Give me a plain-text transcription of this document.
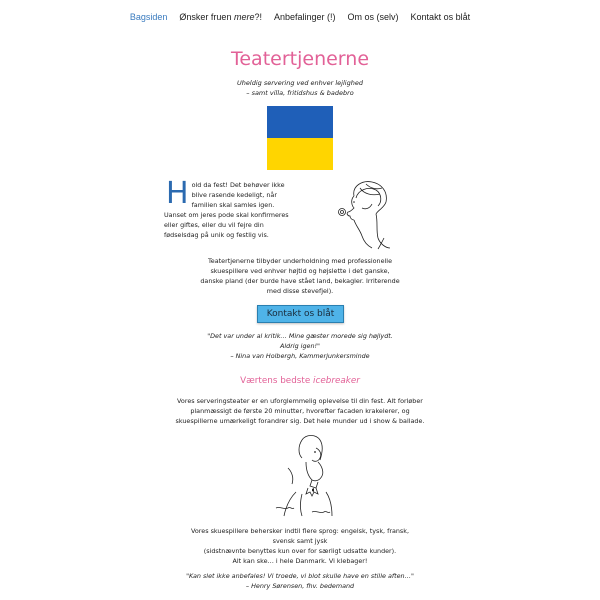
Bagsiden	Ønsker fruen mere?!	Anbefalinger (!)	Om os (selv)	Kontakt os blåt
Teatertjenerne
Uheldig servering ved enhver lejlighed
– samt villa, fritidshus & badebro
H old da fest! Det behøver ikke blive rasende kedeligt, når familien skal samles igen. Uanset om jeres pode skal konfirmeres eller giftes, eller du vil fejre din fødselsdag på unik og festlig vis.
Teatertjenerne tilbyder underholdning med professionelle skuespillere ved enhver højtid og højslette i det ganske, danske pland (der burde have stået land, bekagler. Irriterende med disse stevefjel).
Kontakt os blåt
"Det var under al kritik… Mine gæster morede sig højlydt. Aldrig igen!"
– Nina van Holbergh, Kammerjunkersminde
Værtens bedste icebreaker
Vores serveringsteater er en uforglemmelig oplevelse til din fest. Alt forløber planmæssigt de første 20 minutter, hvorefter facaden krakelerer, og skuespillerne umærkeligt forandrer sig. Det hele munder ud i show & ballade.
Vores skuespillere behersker indtil flere sprog: engelsk, tysk, fransk, svensk samt jysk
(sidstnævnte benyttes kun over for særligt udsatte kunder).
Alt kan ske… i hele Danmark. Vi klebager!
"Kan slet ikke anbefales! Vi troede, vi blot skulle have en stille aften…"
– Henry Sørensen, fhv. bedemand
